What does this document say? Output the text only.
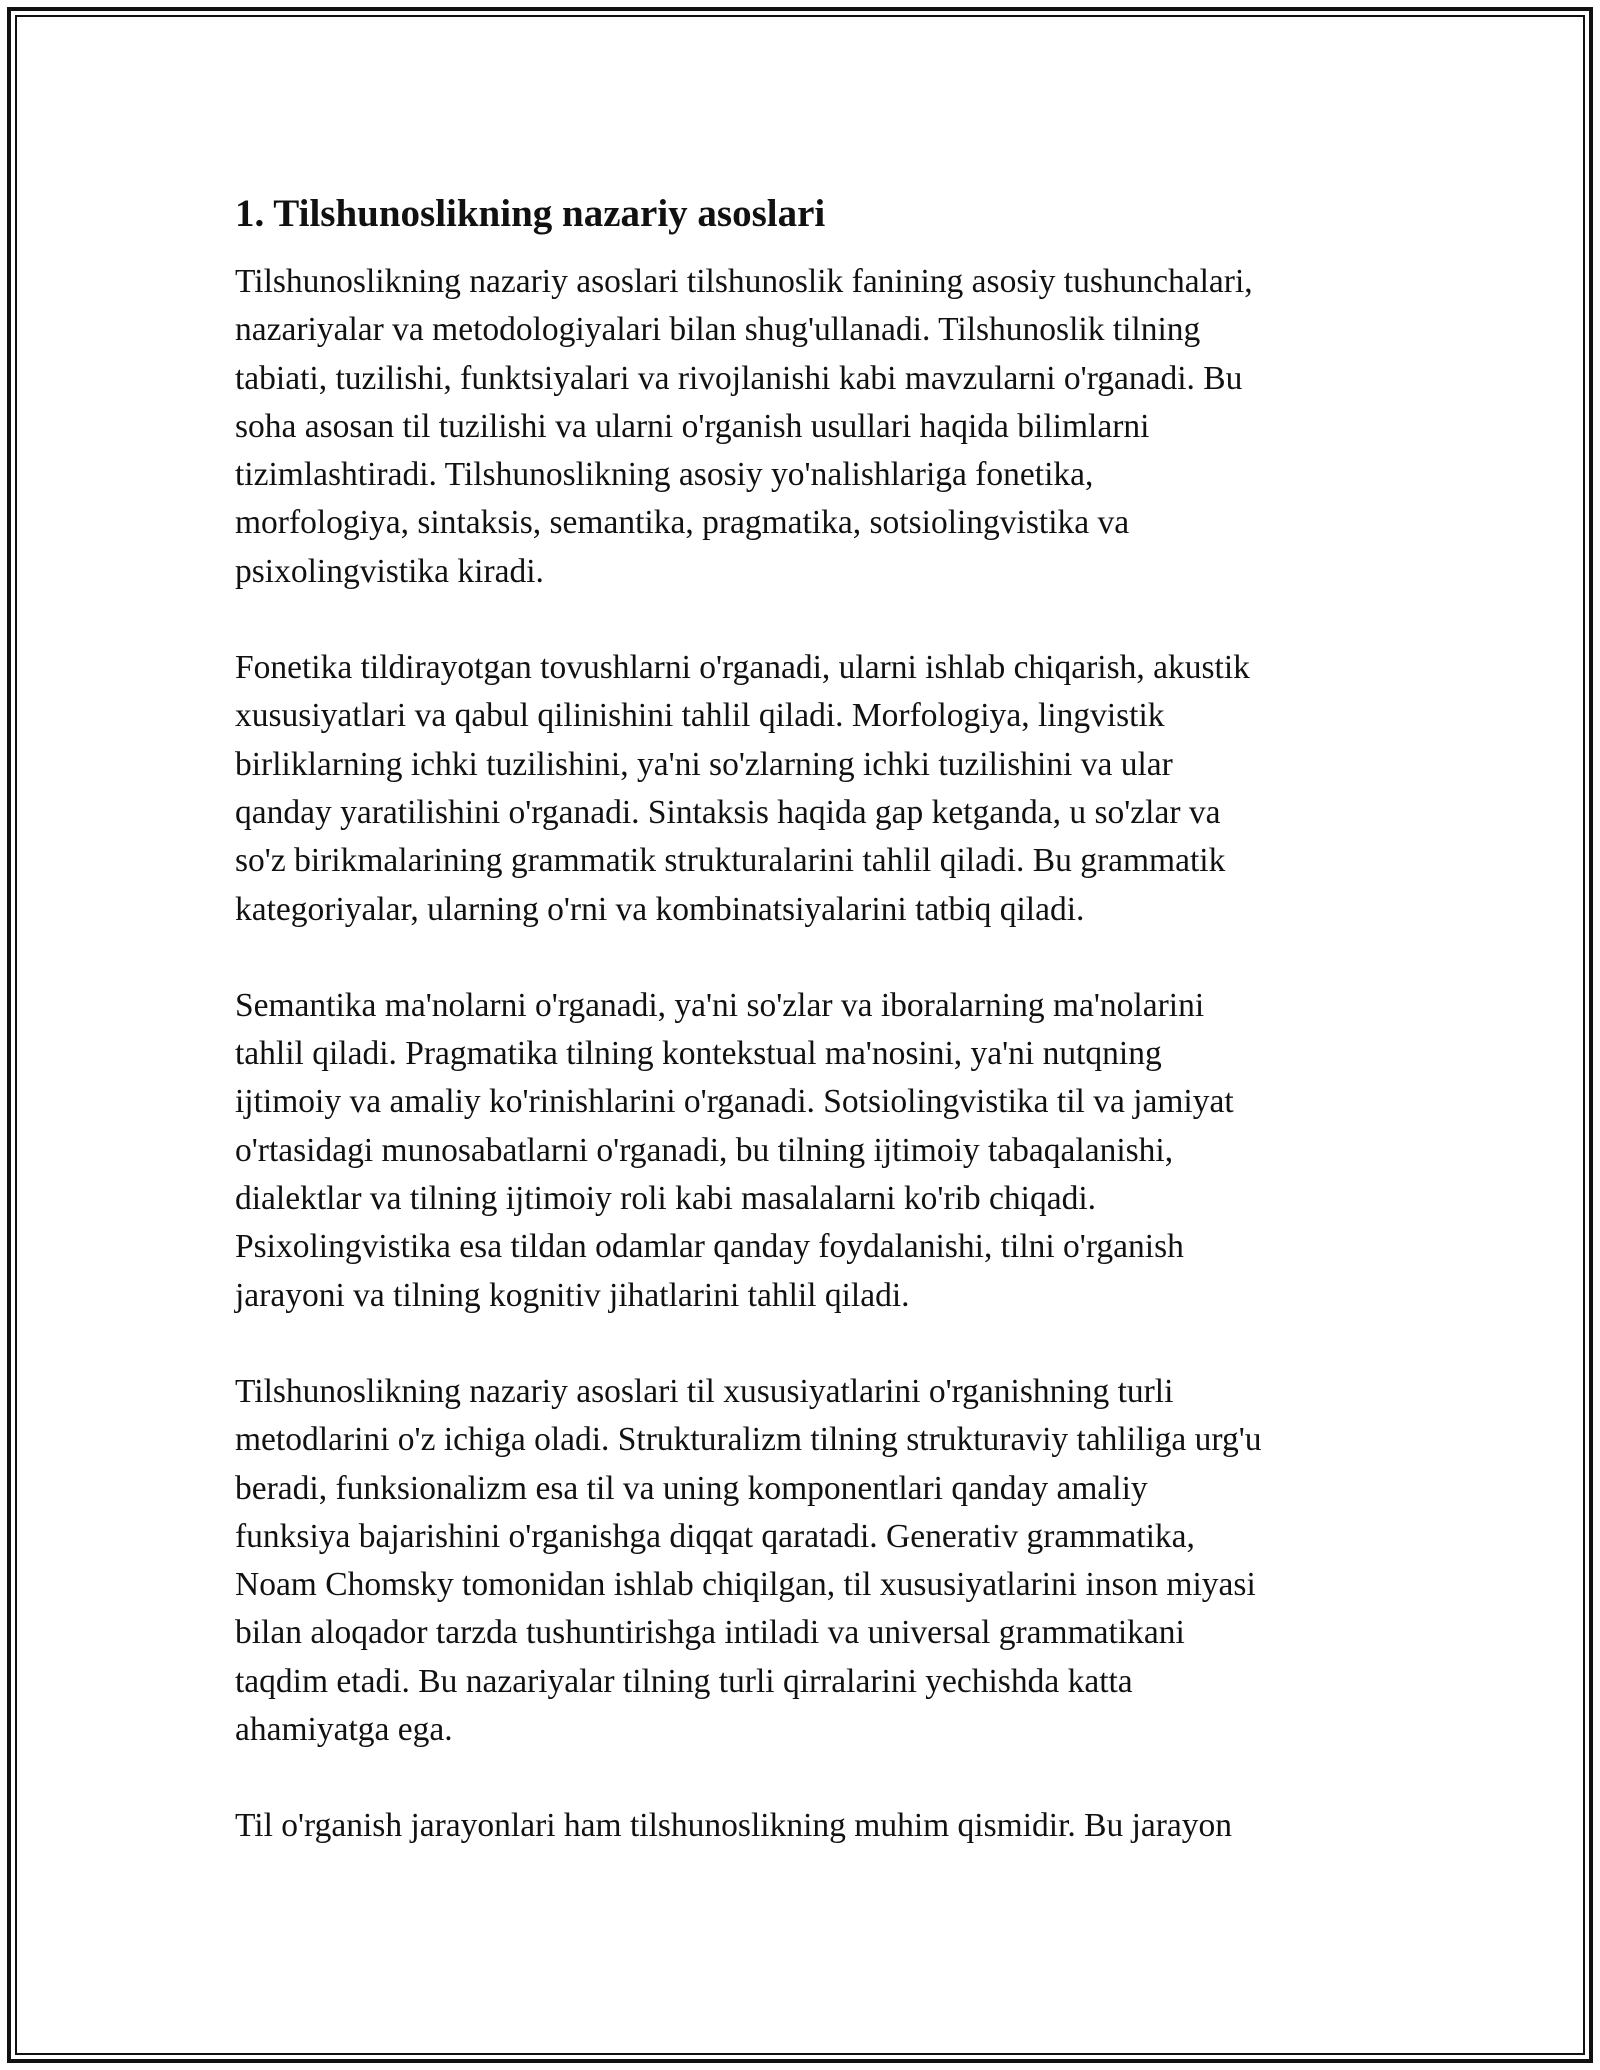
1. Tilshunoslikning nazariy asoslari

Tilshunoslikning nazariy asoslari tilshunoslik fanining asosiy tushunchalari,
nazariyalar va metodologiyalari bilan shug'ullanadi. Tilshunoslik tilning
tabiati, tuzilishi, funktsiyalari va rivojlanishi kabi mavzularni o'rganadi. Bu
soha asosan til tuzilishi va ularni o'rganish usullari haqida bilimlarni
tizimlashtiradi. Tilshunoslikning asosiy yo'nalishlariga fonetika,
morfologiya, sintaksis, semantika, pragmatika, sotsiolingvistika va
psixolingvistika kiradi.

Fonetika tildirayotgan tovushlarni o'rganadi, ularni ishlab chiqarish, akustik
xususiyatlari va qabul qilinishini tahlil qiladi. Morfologiya, lingvistik
birliklarning ichki tuzilishini, ya'ni so'zlarning ichki tuzilishini va ular
qanday yaratilishini o'rganadi. Sintaksis haqida gap ketganda, u so'zlar va
so'z birikmalarining grammatik strukturalarini tahlil qiladi. Bu grammatik
kategoriyalar, ularning o'rni va kombinatsiyalarini tatbiq qiladi.

Semantika ma'nolarni o'rganadi, ya'ni so'zlar va iboralarning ma'nolarini
tahlil qiladi. Pragmatika tilning kontekstual ma'nosini, ya'ni nutqning
ijtimoiy va amaliy ko'rinishlarini o'rganadi. Sotsiolingvistika til va jamiyat
o'rtasidagi munosabatlarni o'rganadi, bu tilning ijtimoiy tabaqalanishi,
dialektlar va tilning ijtimoiy roli kabi masalalarni ko'rib chiqadi.
Psixolingvistika esa tildan odamlar qanday foydalanishi, tilni o'rganish
jarayoni va tilning kognitiv jihatlarini tahlil qiladi.

Tilshunoslikning nazariy asoslari til xususiyatlarini o'rganishning turli
metodlarini o'z ichiga oladi. Strukturalizm tilning strukturaviy tahliliga urg'u
beradi, funksionalizm esa til va uning komponentlari qanday amaliy
funksiya bajarishini o'rganishga diqqat qaratadi. Generativ grammatika,
Noam Chomsky tomonidan ishlab chiqilgan, til xususiyatlarini inson miyasi
bilan aloqador tarzda tushuntirishga intiladi va universal grammatikani
taqdim etadi. Bu nazariyalar tilning turli qirralarini yechishda katta
ahamiyatga ega.

Til o'rganish jarayonlari ham tilshunoslikning muhim qismidir. Bu jarayon
